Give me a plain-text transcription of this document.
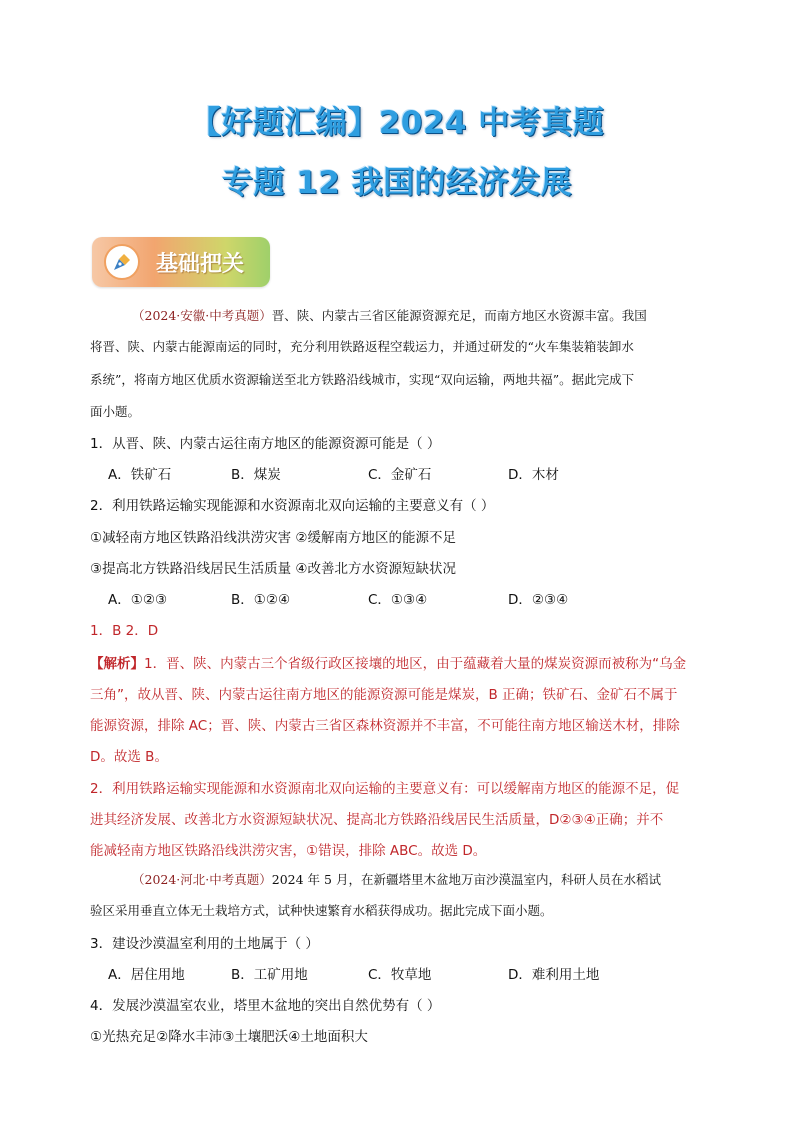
【好题汇编】2024 中考真题
专题 12 我国的经济发展
基础把关
（2024·安徽·中考真题）晋、陕、内蒙古三省区能源资源充足，而南方地区水资源丰富。我国
将晋、陕、内蒙古能源南运的同时，充分利用铁路返程空载运力，并通过研发的“火车集装箱装卸水
系统”，将南方地区优质水资源输送至北方铁路沿线城市，实现“双向运输，两地共福”。据此完成下
面小题。
1．从晋、陕、内蒙古运往南方地区的能源资源可能是（ ）
A．铁矿石	B．煤炭	C．金矿石	D．木材
2．利用铁路运输实现能源和水资源南北双向运输的主要意义有（ ）
①减轻南方地区铁路沿线洪涝灾害 ②缓解南方地区的能源不足
③提高北方铁路沿线居民生活质量 ④改善北方水资源短缺状况
A．①②③	B．①②④	C．①③④	D．②③④
1．B 2．D
【解析】1．晋、陕、内蒙古三个省级行政区接壤的地区，由于蕴藏着大量的煤炭资源而被称为“乌金
三角”，故从晋、陕、内蒙古运往南方地区的能源资源可能是煤炭，B 正确；铁矿石、金矿石不属于
能源资源，排除 AC；晋、陕、内蒙古三省区森林资源并不丰富，不可能往南方地区输送木材，排除
D。故选 B。
2．利用铁路运输实现能源和水资源南北双向运输的主要意义有：可以缓解南方地区的能源不足，促
进其经济发展、改善北方水资源短缺状况、提高北方铁路沿线居民生活质量，D②③④正确；并不
能减轻南方地区铁路沿线洪涝灾害，①错误，排除 ABC。故选 D。
（2024·河北·中考真题）2024 年 5 月，在新疆塔里木盆地万亩沙漠温室内，科研人员在水稻试
验区采用垂直立体无土栽培方式，试种快速繁育水稻获得成功。据此完成下面小题。
3．建设沙漠温室利用的土地属于（ ）
A．居住用地	B．工矿用地	C．牧草地	D．难利用土地
4．发展沙漠温室农业，塔里木盆地的突出自然优势有（ ）
①光热充足②降水丰沛③土壤肥沃④土地面积大
